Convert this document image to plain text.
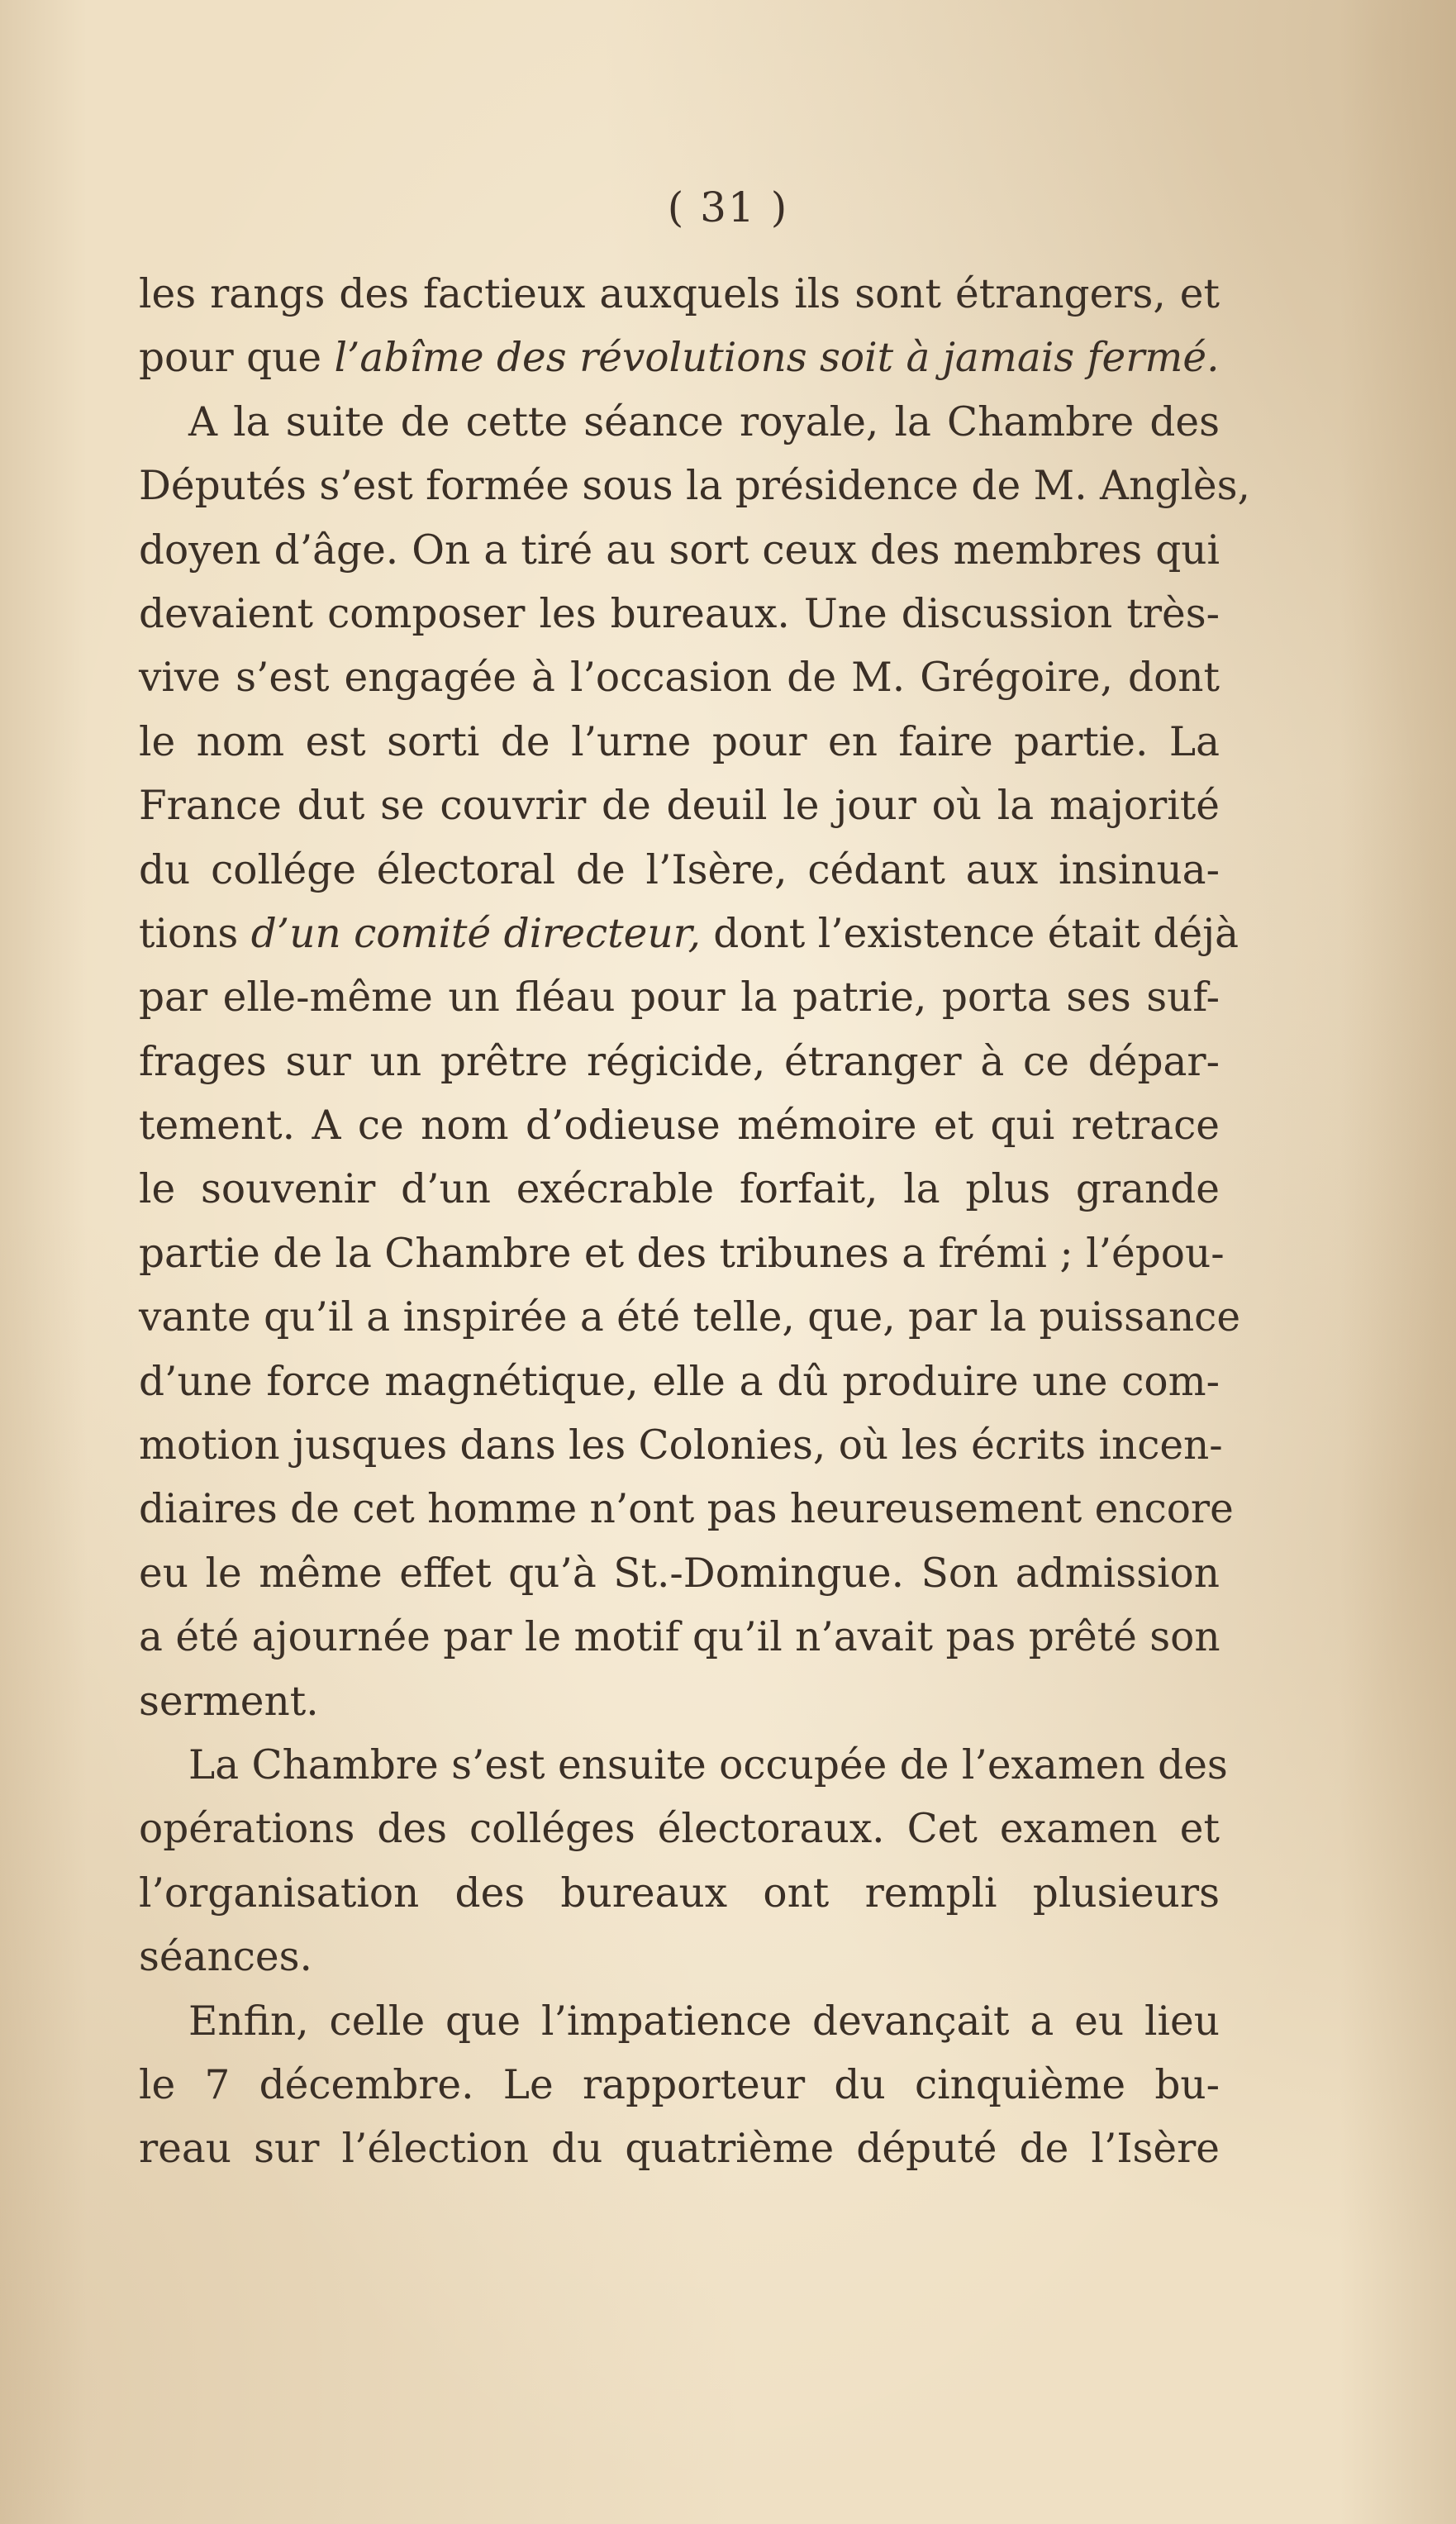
( 31 )
les rangs des factieux auxquels ils sont étrangers, et
pour que l’abîme des révolutions soit à jamais fermé.
A la suite de cette séance royale, la Chambre des
Députés s’est formée sous la présidence de M. Anglès,
doyen d’âge. On a tiré au sort ceux des membres qui
devaient composer les bureaux. Une discussion très-
vive s’est engagée à l’occasion de M. Grégoire, dont
le nom est sorti de l’urne pour en faire partie. La
France dut se couvrir de deuil le jour où la majorité
du collége électoral de l’Isère, cédant aux insinua-
tions d’un comité directeur, dont l’existence était déjà
par elle-même un fléau pour la patrie, porta ses suf-
frages sur un prêtre régicide, étranger à ce dépar-
tement. A ce nom d’odieuse mémoire et qui retrace
le souvenir d’un exécrable forfait, la plus grande
partie de la Chambre et des tribunes a frémi ; l’épou-
vante qu’il a inspirée a été telle, que, par la puissance
d’une force magnétique, elle a dû produire une com-
motion jusques dans les Colonies, où les écrits incen-
diaires de cet homme n’ont pas heureusement encore
eu le même effet qu’à St.-Domingue. Son admission
a été ajournée par le motif qu’il n’avait pas prêté son
serment.
La Chambre s’est ensuite occupée de l’examen des
opérations des colléges électoraux. Cet examen et
l’organisation des bureaux ont rempli plusieurs
séances.
Enfin, celle que l’impatience devançait a eu lieu
le 7 décembre. Le rapporteur du cinquième bu-
reau sur l’élection du quatrième député de l’Isère
